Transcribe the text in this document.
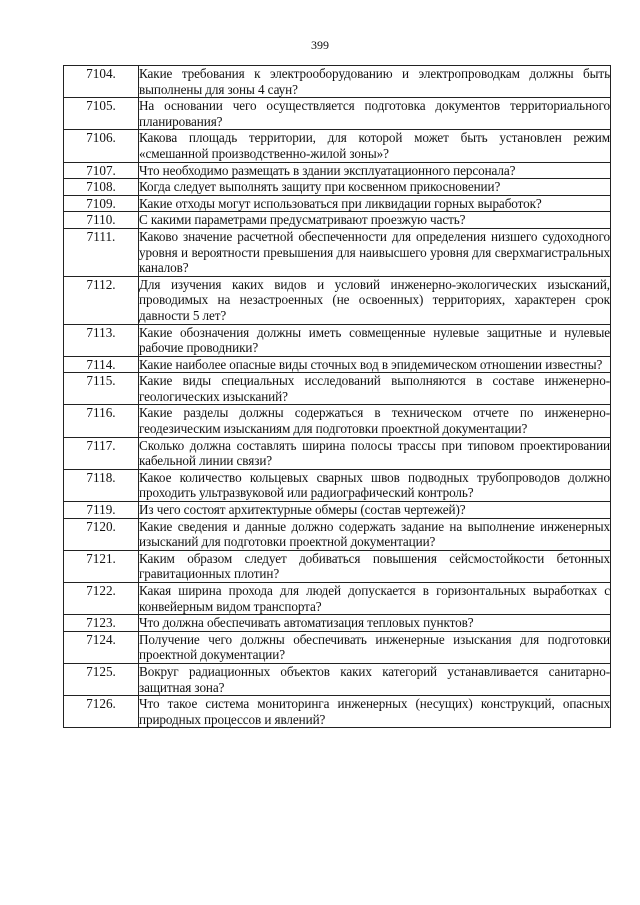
399
7104.	Какие требования к электрооборудованию и электропроводкам должны быть выполнены для зоны 4 саун?
7105.	На основании чего осуществляется подготовка документов территориального планирования?
7106.	Какова площадь территории, для которой может быть установлен режим «смешанной производственно-жилой зоны»?
7107.	Что необходимо размещать в здании эксплуатационного персонала?
7108.	Когда следует выполнять защиту при косвенном прикосновении?
7109.	Какие отходы могут использоваться при ликвидации горных выработок?
7110.	С какими параметрами предусматривают проезжую часть?
7111.	Каково значение расчетной обеспеченности для определения низшего судоходного уровня и вероятности превышения для наивысшего уровня для сверхмагистральных каналов?
7112.	Для изучения каких видов и условий инженерно-экологических изысканий, проводимых на незастроенных (не освоенных) территориях, характерен срок давности 5 лет?
7113.	Какие обозначения должны иметь совмещенные нулевые защитные и нулевые рабочие проводники?
7114.	Какие наиболее опасные виды сточных вод в эпидемическом отношении известны?
7115.	Какие виды специальных исследований выполняются в составе инженерно-геологических изысканий?
7116.	Какие разделы должны содержаться в техническом отчете по инженерно-геодезическим изысканиям для подготовки проектной документации?
7117.	Сколько должна составлять ширина полосы трассы при типовом проектировании кабельной линии связи?
7118.	Какое количество кольцевых сварных швов подводных трубопроводов должно проходить ультразвуковой или радиографический контроль?
7119.	Из чего состоят архитектурные обмеры (состав чертежей)?
7120.	Какие сведения и данные должно содержать задание на выполнение инженерных изысканий для подготовки проектной документации?
7121.	Каким образом следует добиваться повышения сейсмостойкости бетонных гравитационных плотин?
7122.	Какая ширина прохода для людей допускается в горизонтальных выработках с конвейерным видом транспорта?
7123.	Что должна обеспечивать автоматизация тепловых пунктов?
7124.	Получение чего должны обеспечивать инженерные изыскания для подготовки проектной документации?
7125.	Вокруг радиационных объектов каких категорий устанавливается санитарно-защитная зона?
7126.	Что такое система мониторинга инженерных (несущих) конструкций, опасных природных процессов и явлений?
